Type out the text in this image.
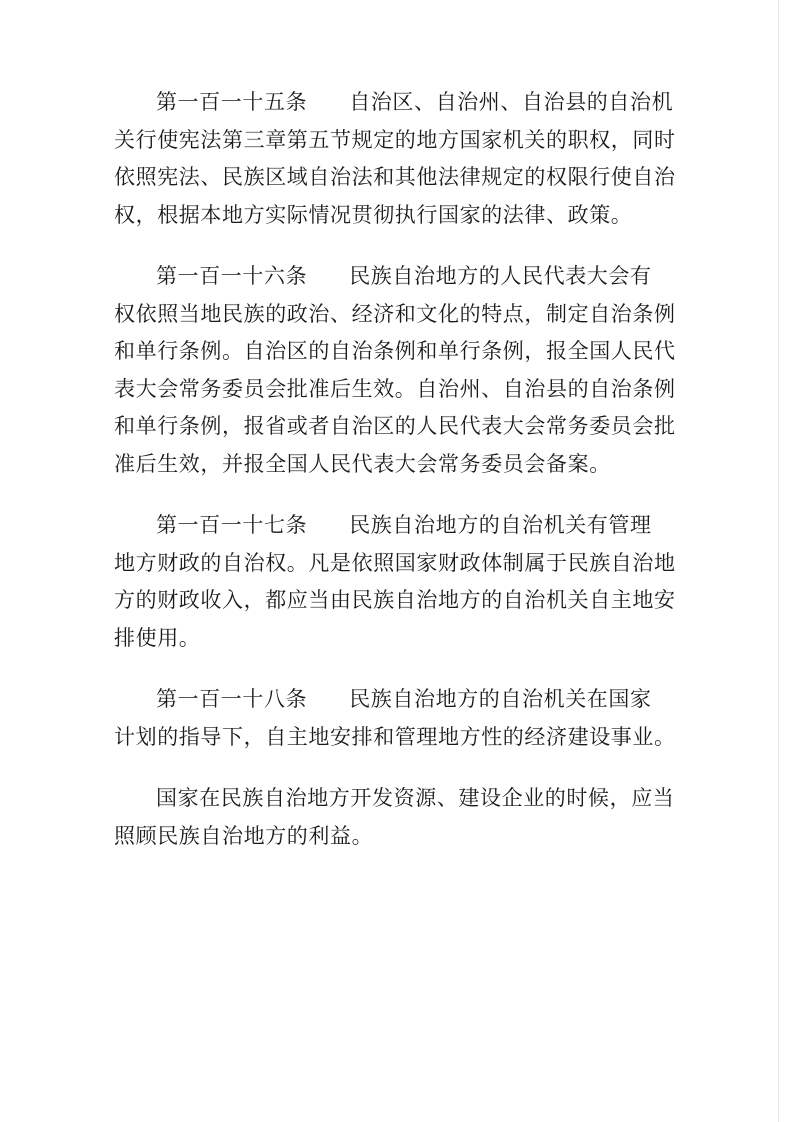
第一百一十五条 自治区、自治州、自治县的自治机
关行使宪法第三章第五节规定的地方国家机关的职权，同时
依照宪法、民族区域自治法和其他法律规定的权限行使自治
权，根据本地方实际情况贯彻执行国家的法律、政策。

第一百一十六条 民族自治地方的人民代表大会有
权依照当地民族的政治、经济和文化的特点，制定自治条例
和单行条例。自治区的自治条例和单行条例，报全国人民代
表大会常务委员会批准后生效。自治州、自治县的自治条例
和单行条例，报省或者自治区的人民代表大会常务委员会批
准后生效，并报全国人民代表大会常务委员会备案。

第一百一十七条 民族自治地方的自治机关有管理
地方财政的自治权。凡是依照国家财政体制属于民族自治地
方的财政收入，都应当由民族自治地方的自治机关自主地安
排使用。

第一百一十八条 民族自治地方的自治机关在国家
计划的指导下，自主地安排和管理地方性的经济建设事业。

国家在民族自治地方开发资源、建设企业的时候，应当
照顾民族自治地方的利益。
